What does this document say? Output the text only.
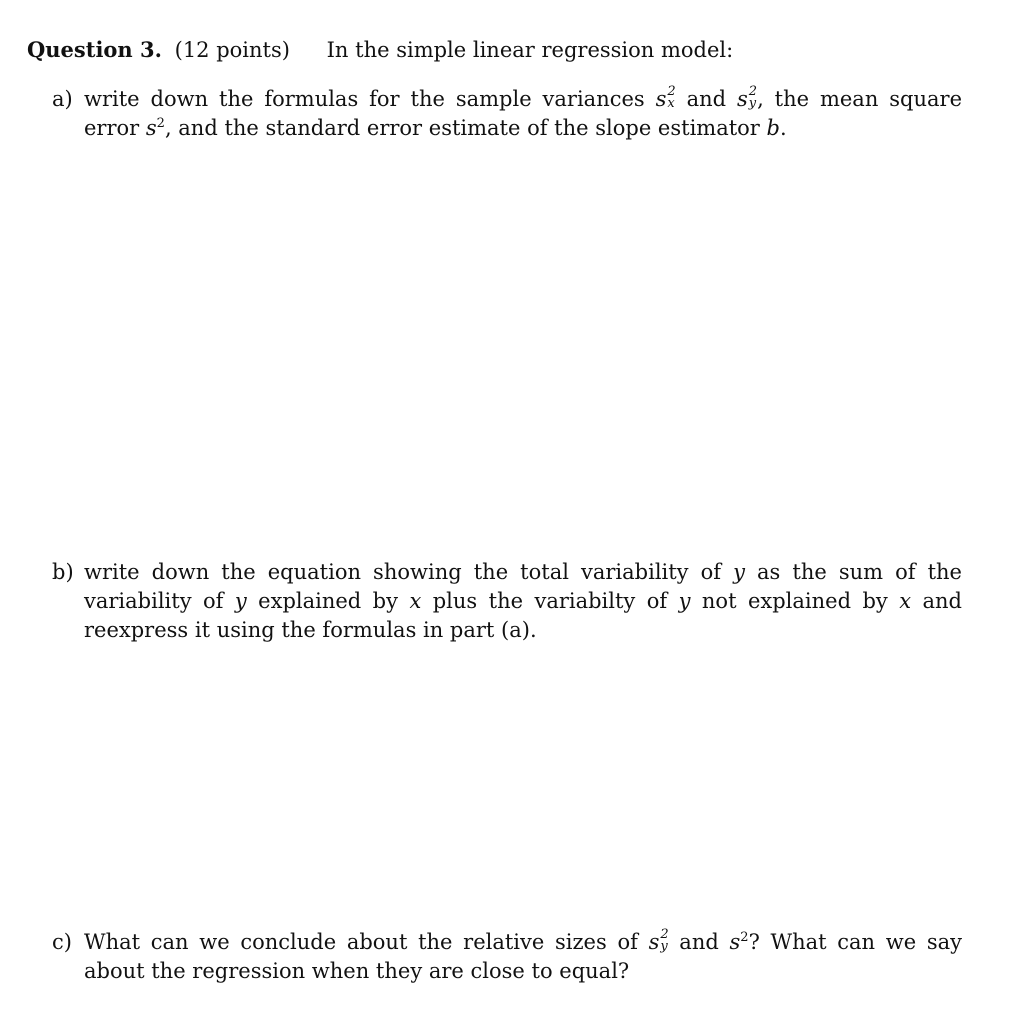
Question 3. (12 points) In the simple linear regression model:
a) write down the formulas for the sample variances s 2
x and s 2
y , the mean square error $s^2$, and the standard error estimate of the slope estimator b.
b) write down the equation showing the total variability of y as the sum of the variability of y explained by x plus the variabilty of y not explained by x and reexpress it using the formulas in part (a).
c) What can we conclude about the relative sizes of s 2
y and $s^2$? What can we say about the regression when they are close to equal?
